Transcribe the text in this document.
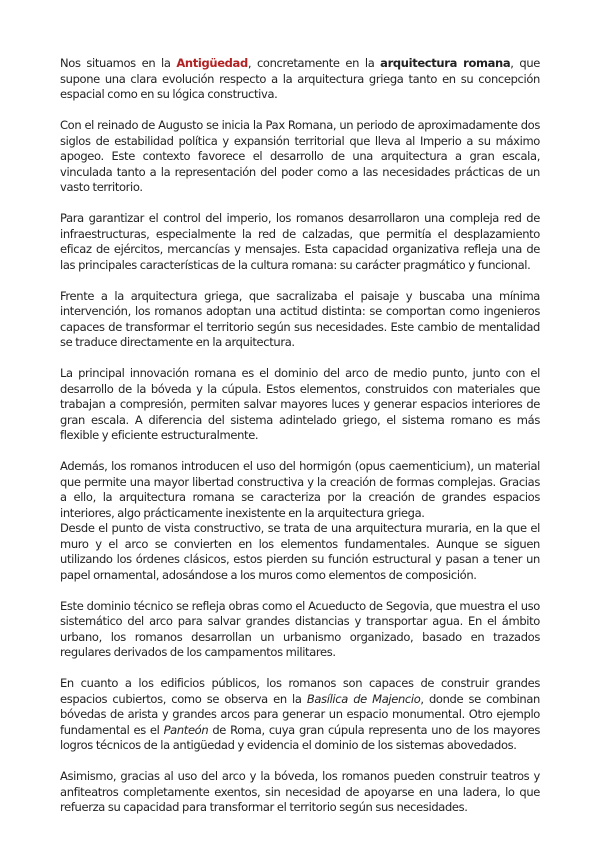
Nos situamos en la Antigüedad, concretamente en la arquitectura romana, que supone una clara evolución respecto a la arquitectura griega tanto en su concepción espacial como en su lógica constructiva.

Con el reinado de Augusto se inicia la Pax Romana, un periodo de aproximadamente dos siglos de estabilidad política y expansión territorial que lleva al Imperio a su máximo apogeo. Este contexto favorece el desarrollo de una arquitectura a gran escala, vinculada tanto a la representación del poder como a las necesidades prácticas de un vasto territorio.

Para garantizar el control del imperio, los romanos desarrollaron una compleja red de infraestructuras, especialmente la red de calzadas, que permitía el desplazamiento eficaz de ejércitos, mercancías y mensajes. Esta capacidad organizativa refleja una de las principales características de la cultura romana: su carácter pragmático y funcional.

Frente a la arquitectura griega, que sacralizaba el paisaje y buscaba una mínima intervención, los romanos adoptan una actitud distinta: se comportan como ingenieros capaces de transformar el territorio según sus necesidades. Este cambio de mentalidad se traduce directamente en la arquitectura.

La principal innovación romana es el dominio del arco de medio punto, junto con el desarrollo de la bóveda y la cúpula. Estos elementos, construidos con materiales que trabajan a compresión, permiten salvar mayores luces y generar espacios interiores de gran escala. A diferencia del sistema adintelado griego, el sistema romano es más flexible y eficiente estructuralmente.

Además, los romanos introducen el uso del hormigón (opus caementicium), un material que permite una mayor libertad constructiva y la creación de formas complejas. Gracias a ello, la arquitectura romana se caracteriza por la creación de grandes espacios interiores, algo prácticamente inexistente en la arquitectura griega.

Desde el punto de vista constructivo, se trata de una arquitectura muraria, en la que el muro y el arco se convierten en los elementos fundamentales. Aunque se siguen utilizando los órdenes clásicos, estos pierden su función estructural y pasan a tener un papel ornamental, adosándose a los muros como elementos de composición.

Este dominio técnico se refleja obras como el Acueducto de Segovia, que muestra el uso sistemático del arco para salvar grandes distancias y transportar agua. En el ámbito urbano, los romanos desarrollan un urbanismo organizado, basado en trazados regulares derivados de los campamentos militares.

En cuanto a los edificios públicos, los romanos son capaces de construir grandes espacios cubiertos, como se observa en la Basílica de Majencio, donde se combinan bóvedas de arista y grandes arcos para generar un espacio monumental. Otro ejemplo fundamental es el Panteón de Roma, cuya gran cúpula representa uno de los mayores logros técnicos de la antigüedad y evidencia el dominio de los sistemas abovedados.

Asimismo, gracias al uso del arco y la bóveda, los romanos pueden construir teatros y anfiteatros completamente exentos, sin necesidad de apoyarse en una ladera, lo que refuerza su capacidad para transformar el territorio según sus necesidades.
